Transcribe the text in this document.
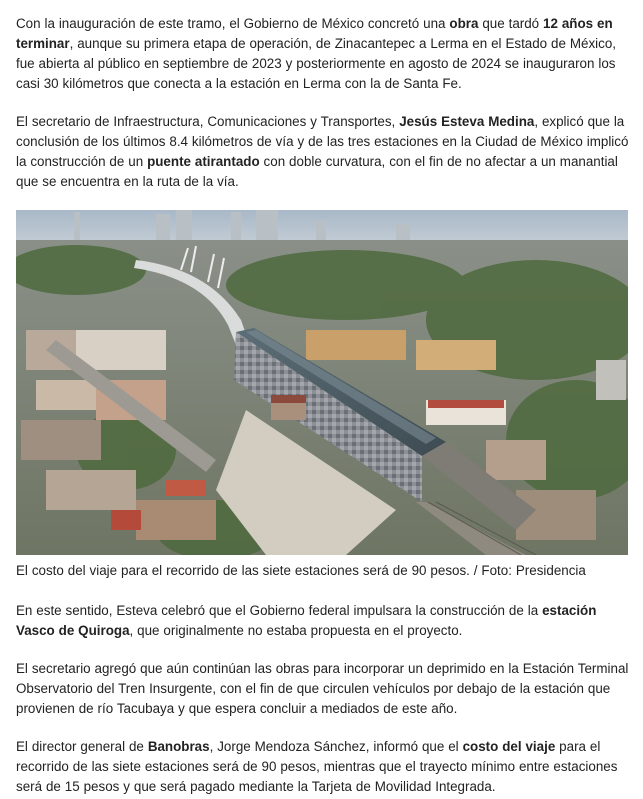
Con la inauguración de este tramo, el Gobierno de México concretó una obra que tardó 12 años en terminar, aunque su primera etapa de operación, de Zinacantepec a Lerma en el Estado de México, fue abierta al público en septiembre de 2023 y posteriormente en agosto de 2024 se inauguraron los casi 30 kilómetros que conecta a la estación en Lerma con la de Santa Fe.

El secretario de Infraestructura, Comunicaciones y Transportes, Jesús Esteva Medina, explicó que la conclusión de los últimos 8.4 kilómetros de vía y de las tres estaciones en la Ciudad de México implicó la construcción de un puente atirantado con doble curvatura, con el fin de no afectar a un manantial que se encuentra en la ruta de la vía.

El costo del viaje para el recorrido de las siete estaciones será de 90 pesos. / Foto: Presidencia

En este sentido, Esteva celebró que el Gobierno federal impulsara la construcción de la estación Vasco de Quiroga, que originalmente no estaba propuesta en el proyecto.

El secretario agregó que aún continúan las obras para incorporar un deprimido en la Estación Terminal Observatorio del Tren Insurgente, con el fin de que circulen vehículos por debajo de la estación que provienen de río Tacubaya y que espera concluir a mediados de este año.

El director general de Banobras, Jorge Mendoza Sánchez, informó que el costo del viaje para el recorrido de las siete estaciones será de 90 pesos, mientras que el trayecto mínimo entre estaciones será de 15 pesos y que será pagado mediante la Tarjeta de Movilidad Integrada.
